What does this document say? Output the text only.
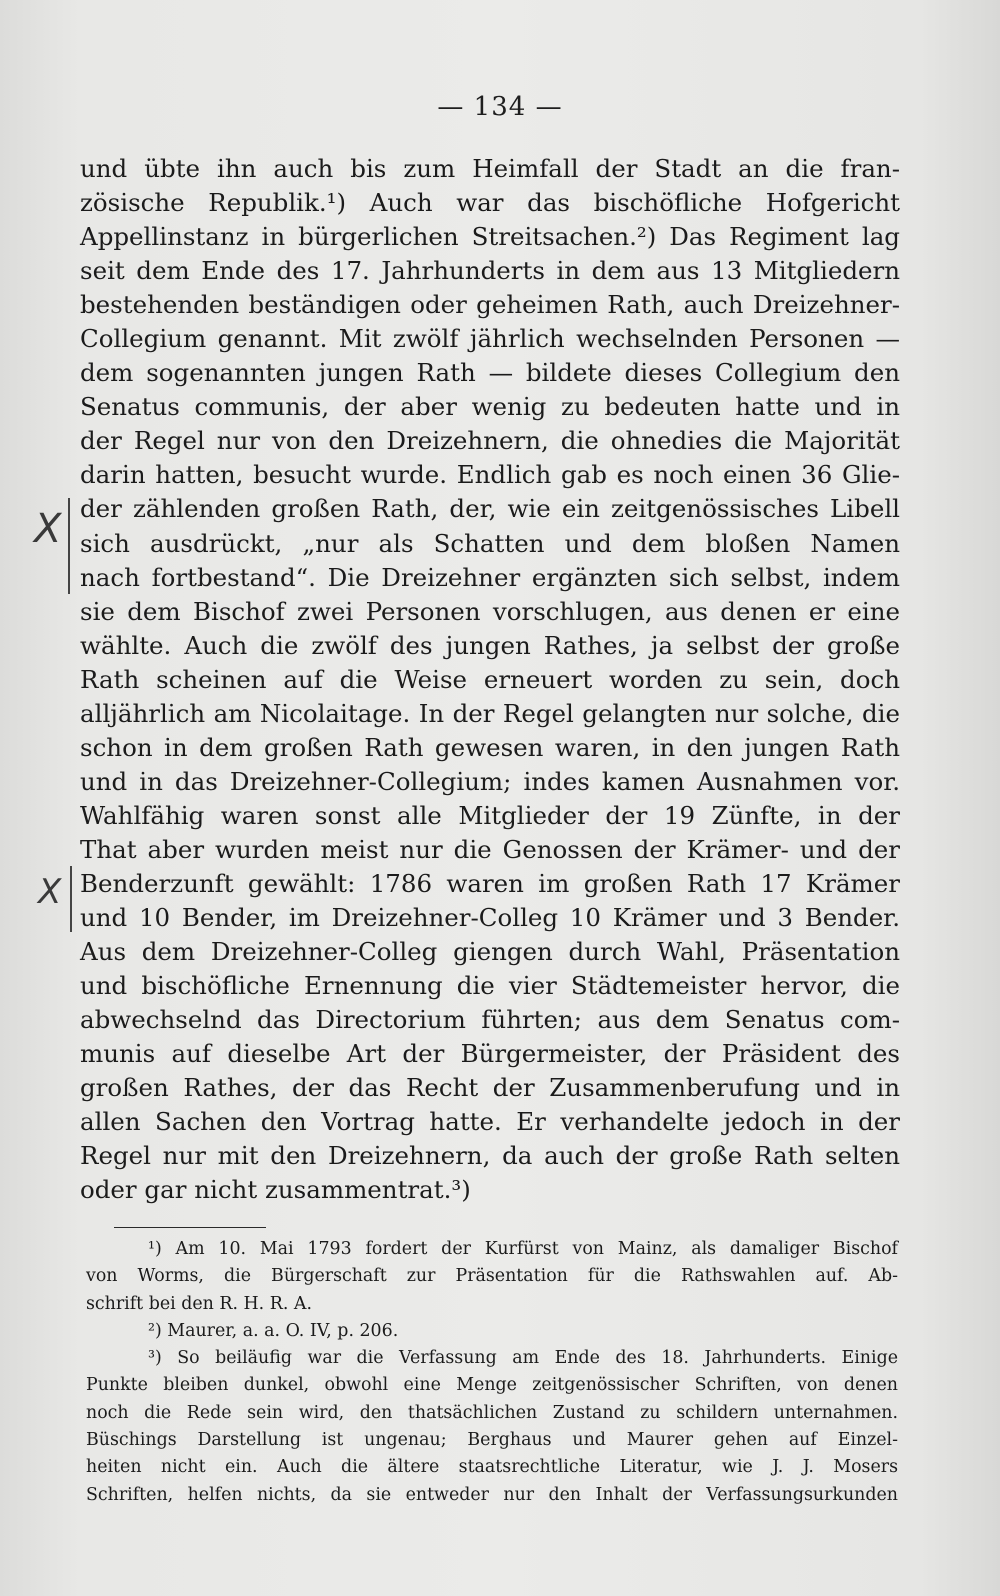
— 134 —
und übte ihn auch bis zum Heimfall der Stadt an die fran-
zösische Republik.¹) Auch war das bischöfliche Hofgericht
Appellinstanz in bürgerlichen Streitsachen.²) Das Regiment lag
seit dem Ende des 17. Jahrhunderts in dem aus 13 Mitgliedern
bestehenden beständigen oder geheimen Rath, auch Dreizehner-
Collegium genannt. Mit zwölf jährlich wechselnden Personen —
dem sogenannten jungen Rath — bildete dieses Collegium den
Senatus communis, der aber wenig zu bedeuten hatte und in
der Regel nur von den Dreizehnern, die ohnedies die Majorität
darin hatten, besucht wurde. Endlich gab es noch einen 36 Glie-
der zählenden großen Rath, der, wie ein zeitgenössisches Libell
sich ausdrückt, „nur als Schatten und dem bloßen Namen
nach fortbestand“. Die Dreizehner ergänzten sich selbst, indem
sie dem Bischof zwei Personen vorschlugen, aus denen er eine
wählte. Auch die zwölf des jungen Rathes, ja selbst der große
Rath scheinen auf die Weise erneuert worden zu sein, doch
alljährlich am Nicolaitage. In der Regel gelangten nur solche, die
schon in dem großen Rath gewesen waren, in den jungen Rath
und in das Dreizehner-Collegium; indes kamen Ausnahmen vor.
Wahlfähig waren sonst alle Mitglieder der 19 Zünfte, in der
That aber wurden meist nur die Genossen der Krämer- und der
Benderzunft gewählt: 1786 waren im großen Rath 17 Krämer
und 10 Bender, im Dreizehner-Colleg 10 Krämer und 3 Bender.
Aus dem Dreizehner-Colleg giengen durch Wahl, Präsentation
und bischöfliche Ernennung die vier Städtemeister hervor, die
abwechselnd das Directorium führten; aus dem Senatus com-
munis auf dieselbe Art der Bürgermeister, der Präsident des
großen Rathes, der das Recht der Zusammenberufung und in
allen Sachen den Vortrag hatte. Er verhandelte jedoch in der
Regel nur mit den Dreizehnern, da auch der große Rath selten
oder gar nicht zusammentrat.³)
¹) Am 10. Mai 1793 fordert der Kurfürst von Mainz, als damaliger Bischof
von Worms, die Bürgerschaft zur Präsentation für die Rathswahlen auf. Ab-
schrift bei den R. H. R. A.
²) Maurer, a. a. O. IV, p. 206.
³) So beiläufig war die Verfassung am Ende des 18. Jahrhunderts. Einige
Punkte bleiben dunkel, obwohl eine Menge zeitgenössischer Schriften, von denen
noch die Rede sein wird, den thatsächlichen Zustand zu schildern unternahmen.
Büschings Darstellung ist ungenau; Berghaus und Maurer gehen auf Einzel-
heiten nicht ein. Auch die ältere staatsrechtliche Literatur, wie J. J. Mosers
Schriften, helfen nichts, da sie entweder nur den Inhalt der Verfassungsurkunden
X
X
